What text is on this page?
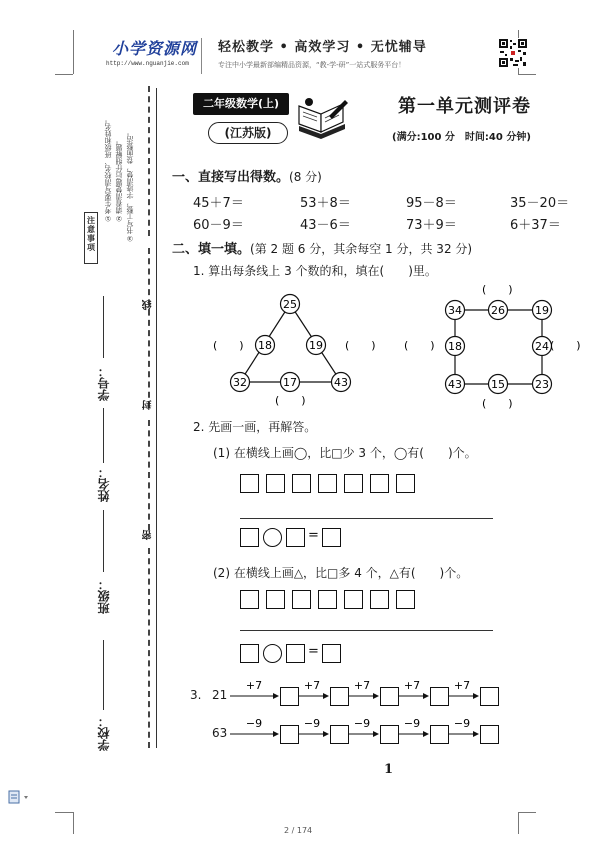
小学资源网
http://www.nguanjie.com
轻松教学 • 高效学习 • 无忧辅导
专注中小学最新部编精品资源，“教-学-研”一站式服务平台！
线
封
密
注意事项
①考生要写清校名、班级和姓名。 ②请看清楚题后仔细解题。 ③书写工整，字迹清楚，卷面整洁。
学号：
姓名：
班级：
学校：
二年级数学(上)
(江苏版)
第一单元测评卷
(满分:100 分　时间:40 分钟)
一、直接写出得数。(8 分)
45＋7＝	53＋8＝	95－8＝	35－20＝
60－9＝	43－6＝	73＋9＝	6＋37＝
二、填一填。(第 2 题 6 分，其余每空 1 分，共 32 分)
1. 算出每条线上 3 个数的和，填在(　　)里。
25
18	19
32	17	43
34	26	19
18	24
43	15	23
(　　)	(　　)
(　　)
(　　)	(　　)
(　　)
(　　)
2. 先画一画，再解答。
(1) 在横线上画◯，比□少 3 个，◯有(　　)个。
=
(2) 在横线上画△，比□多 4 个，△有(　　)个。
=
3. 21
63
+7	+7	+7	+7	+7
−9	−9	−9	−9	−9
1
2 / 174
